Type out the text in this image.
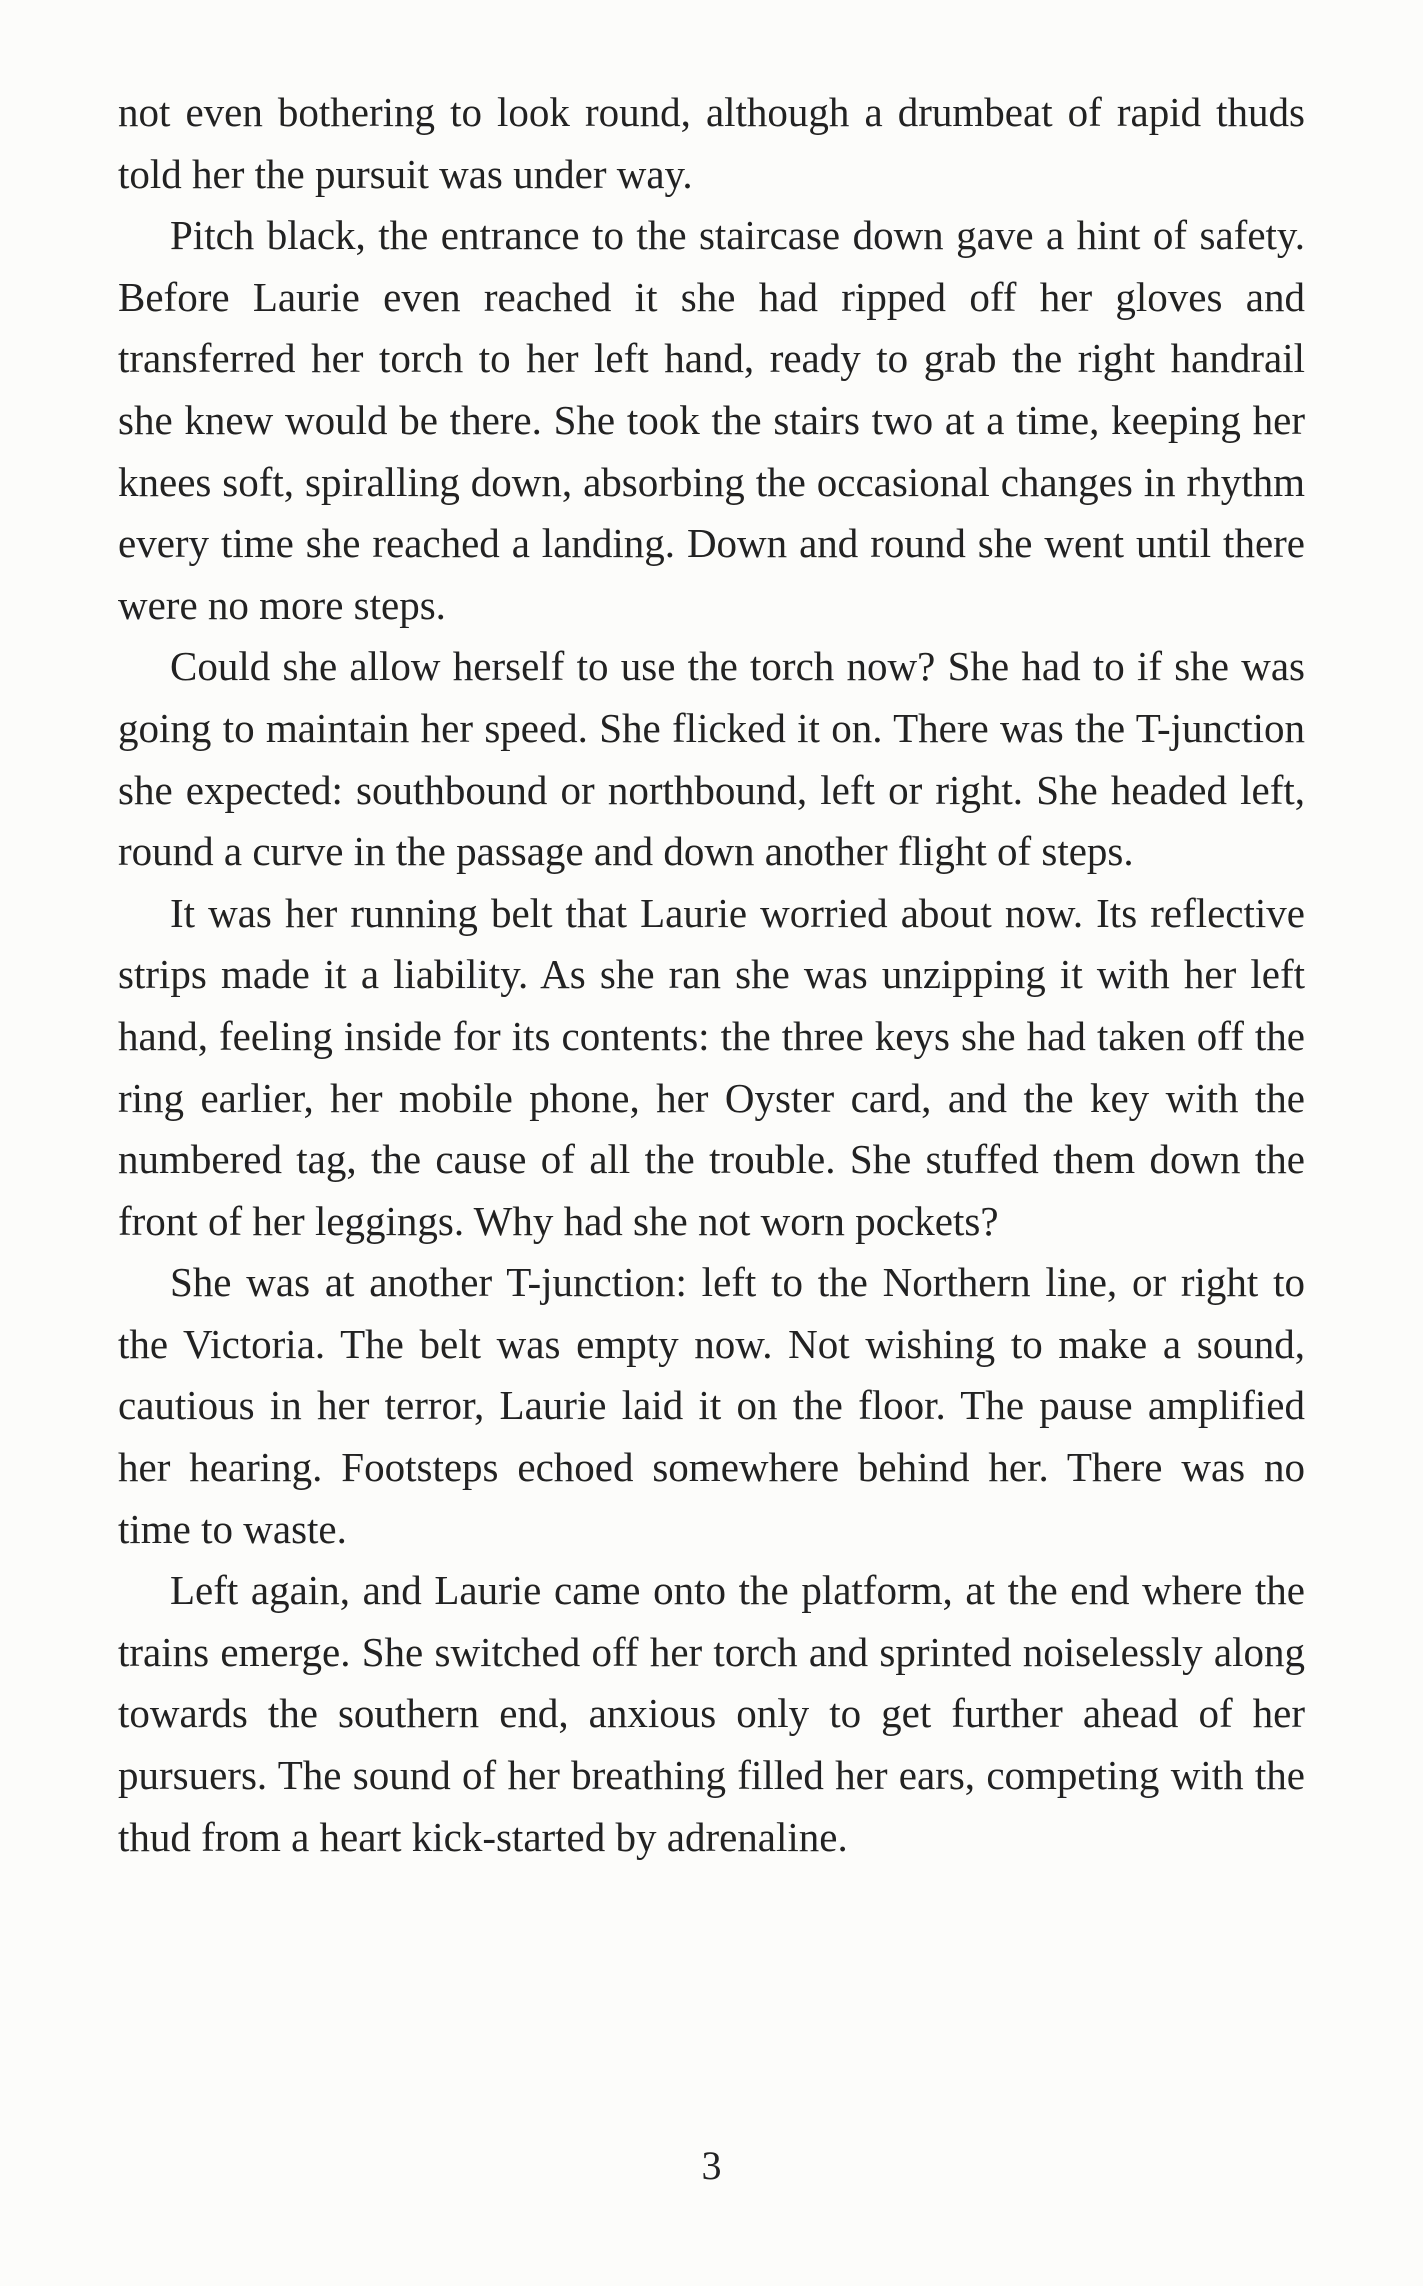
not even bothering to look round, although a drumbeat of rapid thuds told her the pursuit was under way.

Pitch black, the entrance to the staircase down gave a hint of safety. Before Laurie even reached it she had ripped off her gloves and transferred her torch to her left hand, ready to grab the right handrail she knew would be there. She took the stairs two at a time, keeping her knees soft, spiralling down, absorbing the occasional changes in rhythm every time she reached a landing. Down and round she went until there were no more steps.

Could she allow herself to use the torch now? She had to if she was going to maintain her speed. She flicked it on. There was the T-junction she expected: southbound or northbound, left or right. She headed left, round a curve in the passage and down another flight of steps.

It was her running belt that Laurie worried about now. Its reflective strips made it a liability. As she ran she was unzipping it with her left hand, feeling inside for its contents: the three keys she had taken off the ring earlier, her mobile phone, her Oyster card, and the key with the numbered tag, the cause of all the trouble. She stuffed them down the front of her leggings. Why had she not worn pockets?

She was at another T-junction: left to the Northern line, or right to the Victoria. The belt was empty now. Not wishing to make a sound, cautious in her terror, Laurie laid it on the floor. The pause amplified her hearing. Footsteps echoed somewhere behind her. There was no time to waste.

Left again, and Laurie came onto the platform, at the end where the trains emerge. She switched off her torch and sprinted noiselessly along towards the southern end, anxious only to get further ahead of her pursuers. The sound of her breathing filled her ears, competing with the thud from a heart kick-started by adrenaline.

3
